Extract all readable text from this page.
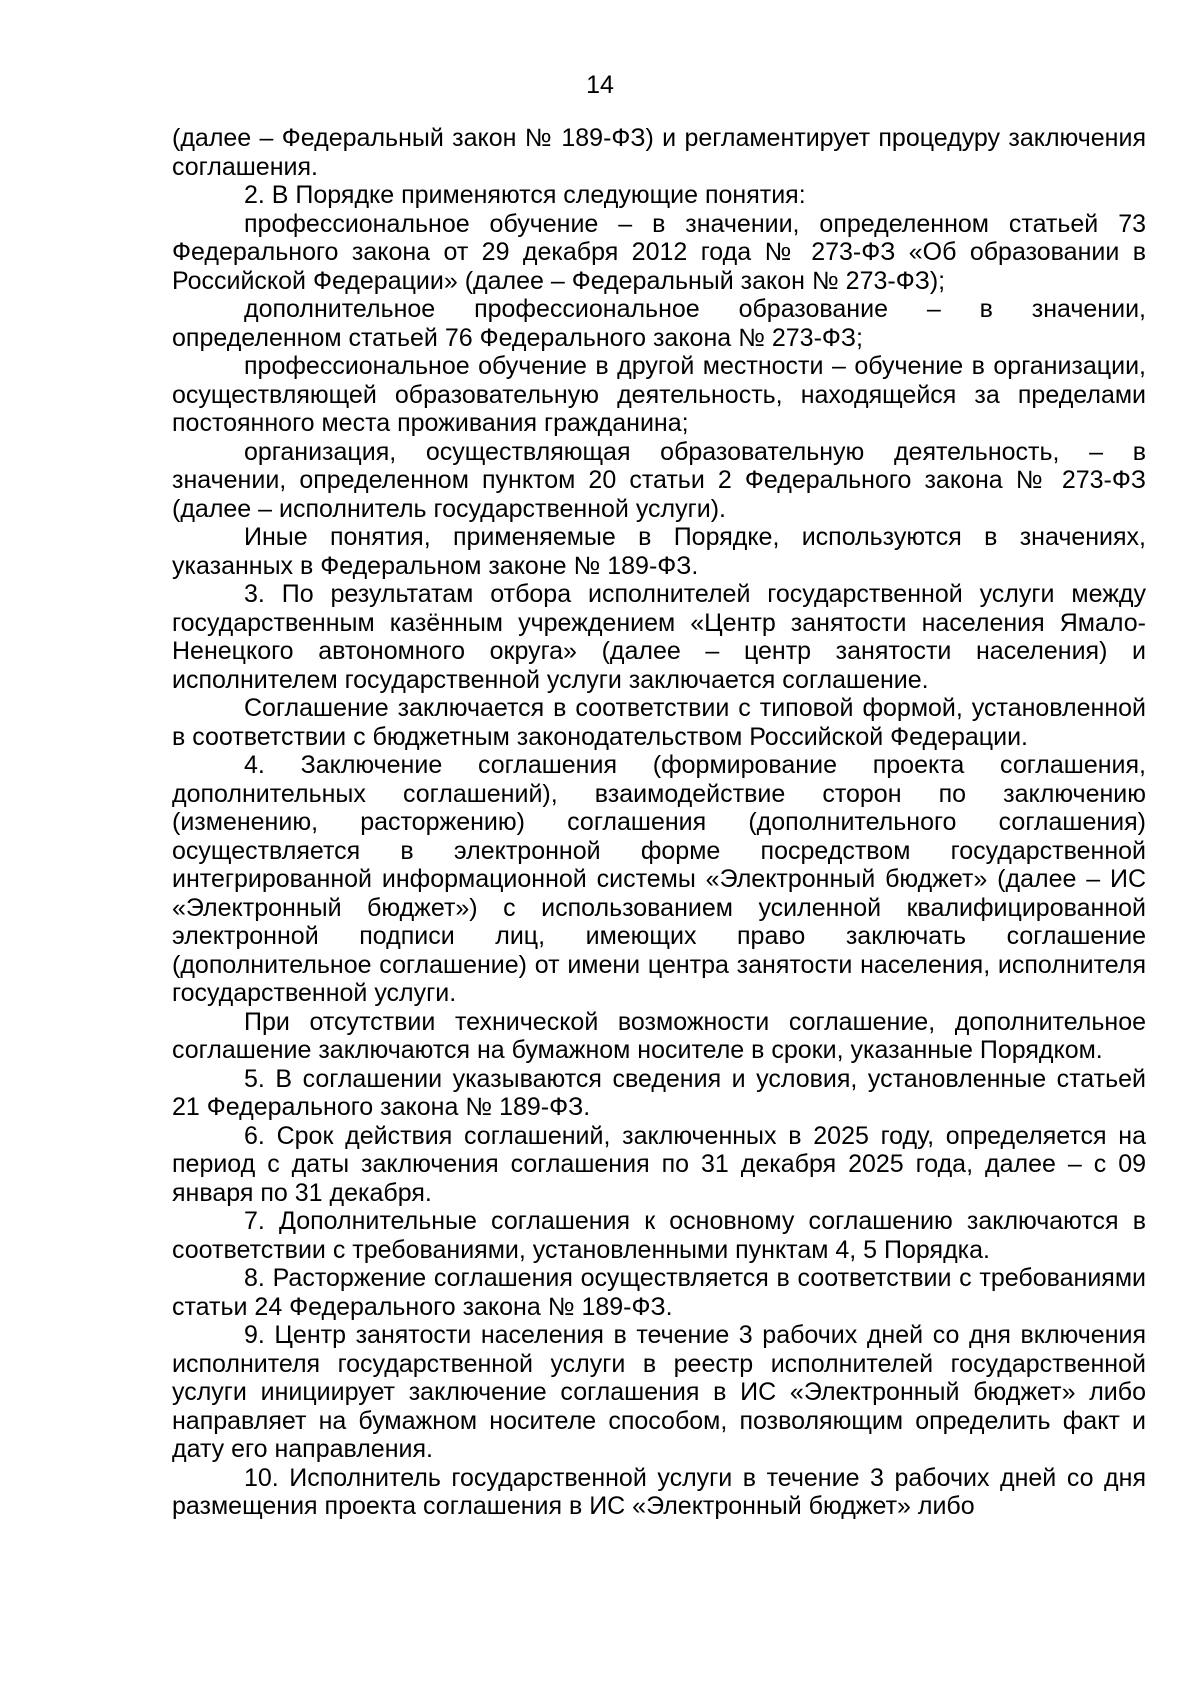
14

(далее – Федеральный закон № 189-ФЗ) и регламентирует процедуру заключения соглашения.

2. В Порядке применяются следующие понятия:

профессиональное обучение – в значении, определенном статьей 73 Федерального закона от 29 декабря 2012 года № 273-ФЗ «Об образовании в Российской Федерации» (далее – Федеральный закон № 273-ФЗ);

дополнительное профессиональное образование – в значении, определенном статьей 76 Федерального закона № 273-ФЗ;

профессиональное обучение в другой местности – обучение в организации, осуществляющей образовательную деятельность, находящейся за пределами постоянного места проживания гражданина;

организация, осуществляющая образовательную деятельность, – в значении, определенном пунктом 20 статьи 2 Федерального закона № 273-ФЗ (далее – исполнитель государственной услуги).

Иные понятия, применяемые в Порядке, используются в значениях, указанных в Федеральном законе № 189-ФЗ.

3. По результатам отбора исполнителей государственной услуги между государственным казённым учреждением «Центр занятости населения Ямало-Ненецкого автономного округа» (далее – центр занятости населения) и исполнителем государственной услуги заключается соглашение.

Соглашение заключается в соответствии с типовой формой, установленной в соответствии с бюджетным законодательством Российской Федерации.

4. Заключение соглашения (формирование проекта соглашения, дополнительных соглашений), взаимодействие сторон по заключению (изменению, расторжению) соглашения (дополнительного соглашения) осуществляется в электронной форме посредством государственной интегрированной информационной системы «Электронный бюджет» (далее – ИС «Электронный бюджет») с использованием усиленной квалифицированной электронной подписи лиц, имеющих право заключать соглашение (дополнительное соглашение) от имени центра занятости населения, исполнителя государственной услуги.

При отсутствии технической возможности соглашение, дополнительное соглашение заключаются на бумажном носителе в сроки, указанные Порядком.

5. В соглашении указываются сведения и условия, установленные статьей 21 Федерального закона № 189-ФЗ.

6. Срок действия соглашений, заключенных в 2025 году, определяется на период с даты заключения соглашения по 31 декабря 2025 года, далее – с 09 января по 31 декабря.

7. Дополнительные соглашения к основному соглашению заключаются в соответствии с требованиями, установленными пунктам 4, 5 Порядка.

8. Расторжение соглашения осуществляется в соответствии с требованиями статьи 24 Федерального закона № 189-ФЗ.

9. Центр занятости населения в течение 3 рабочих дней со дня включения исполнителя государственной услуги в реестр исполнителей государственной услуги инициирует заключение соглашения в ИС «Электронный бюджет» либо направляет на бумажном носителе способом, позволяющим определить факт и дату его направления.

10. Исполнитель государственной услуги в течение 3 рабочих дней со дня размещения проекта соглашения в ИС «Электронный бюджет» либо
